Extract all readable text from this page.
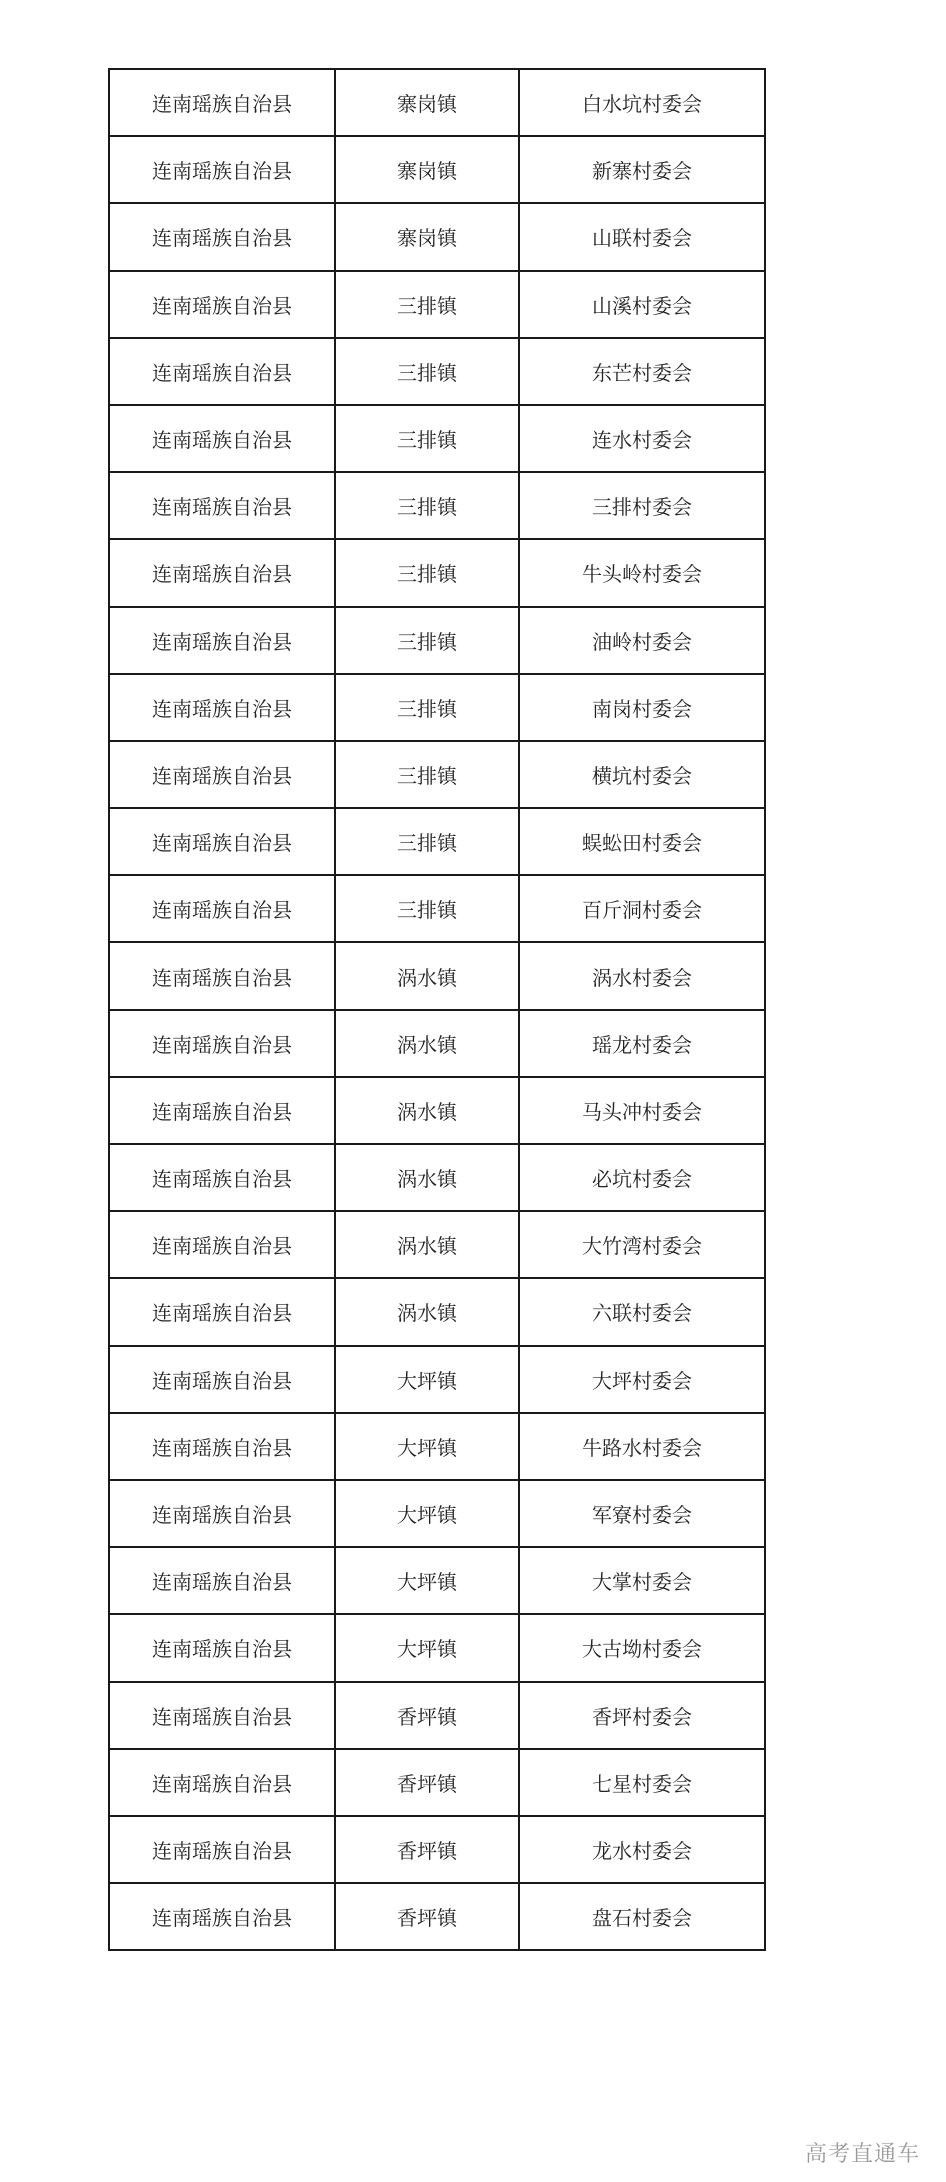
连南瑶族自治县	寨岗镇	白水坑村委会
连南瑶族自治县	寨岗镇	新寨村委会
连南瑶族自治县	寨岗镇	山联村委会
连南瑶族自治县	三排镇	山溪村委会
连南瑶族自治县	三排镇	东芒村委会
连南瑶族自治县	三排镇	连水村委会
连南瑶族自治县	三排镇	三排村委会
连南瑶族自治县	三排镇	牛头岭村委会
连南瑶族自治县	三排镇	油岭村委会
连南瑶族自治县	三排镇	南岗村委会
连南瑶族自治县	三排镇	横坑村委会
连南瑶族自治县	三排镇	蜈蚣田村委会
连南瑶族自治县	三排镇	百斤洞村委会
连南瑶族自治县	涡水镇	涡水村委会
连南瑶族自治县	涡水镇	瑶龙村委会
连南瑶族自治县	涡水镇	马头冲村委会
连南瑶族自治县	涡水镇	必坑村委会
连南瑶族自治县	涡水镇	大竹湾村委会
连南瑶族自治县	涡水镇	六联村委会
连南瑶族自治县	大坪镇	大坪村委会
连南瑶族自治县	大坪镇	牛路水村委会
连南瑶族自治县	大坪镇	军寮村委会
连南瑶族自治县	大坪镇	大掌村委会
连南瑶族自治县	大坪镇	大古坳村委会
连南瑶族自治县	香坪镇	香坪村委会
连南瑶族自治县	香坪镇	七星村委会
连南瑶族自治县	香坪镇	龙水村委会
连南瑶族自治县	香坪镇	盘石村委会
高考直通车
